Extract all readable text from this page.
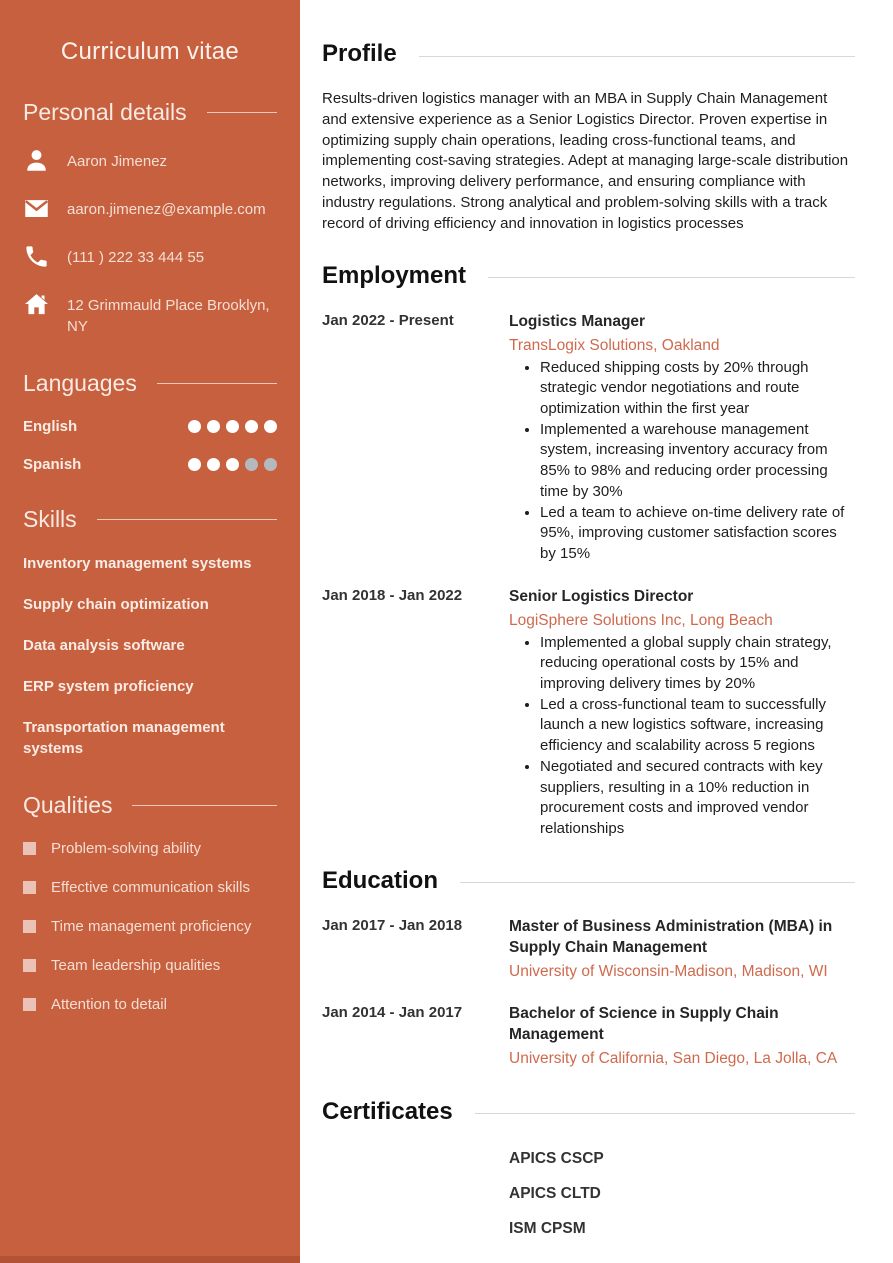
Curriculum vitae
Personal details
Aaron Jimenez
aaron.jimenez@example.com
(111 ) 222 33 444 55
12 Grimmauld Place Brooklyn, NY
Languages
English
Spanish
Skills
Inventory management systems
Supply chain optimization
Data analysis software
ERP system proficiency
Transportation management systems
Qualities
Problem-solving ability
Effective communication skills
Time management proficiency
Team leadership qualities
Attention to detail
Profile

Results-driven logistics manager with an MBA in Supply Chain Management and extensive experience as a Senior Logistics Director. Proven expertise in optimizing supply chain operations, leading cross-functional teams, and implementing cost-saving strategies. Adept at managing large-scale distribution networks, improving delivery performance, and ensuring compliance with industry regulations. Strong analytical and problem-solving skills with a track record of driving efficiency and innovation in logistics processes

Employment
Jan 2022 - Present	Logistics Manager
TransLogix Solutions, Oakland
• Reduced shipping costs by 20% through strategic vendor negotiations and route optimization within the first year
• Implemented a warehouse management system, increasing inventory accuracy from 85% to 98% and reducing order processing time by 30%
• Led a team to achieve on-time delivery rate of 95%, improving customer satisfaction scores by 15%
Jan 2018 - Jan 2022	Senior Logistics Director
LogiSphere Solutions Inc, Long Beach
• Implemented a global supply chain strategy, reducing operational costs by 15% and improving delivery times by 20%
• Led a cross-functional team to successfully launch a new logistics software, increasing efficiency and scalability across 5 regions
• Negotiated and secured contracts with key suppliers, resulting in a 10% reduction in procurement costs and improved vendor relationships
Education
Jan 2017 - Jan 2018	Master of Business Administration (MBA) in Supply Chain Management
University of Wisconsin-Madison, Madison, WI
Jan 2014 - Jan 2017	Bachelor of Science in Supply Chain Management
University of California, San Diego, La Jolla, CA
Certificates
APICS CSCP
APICS CLTD
ISM CPSM
